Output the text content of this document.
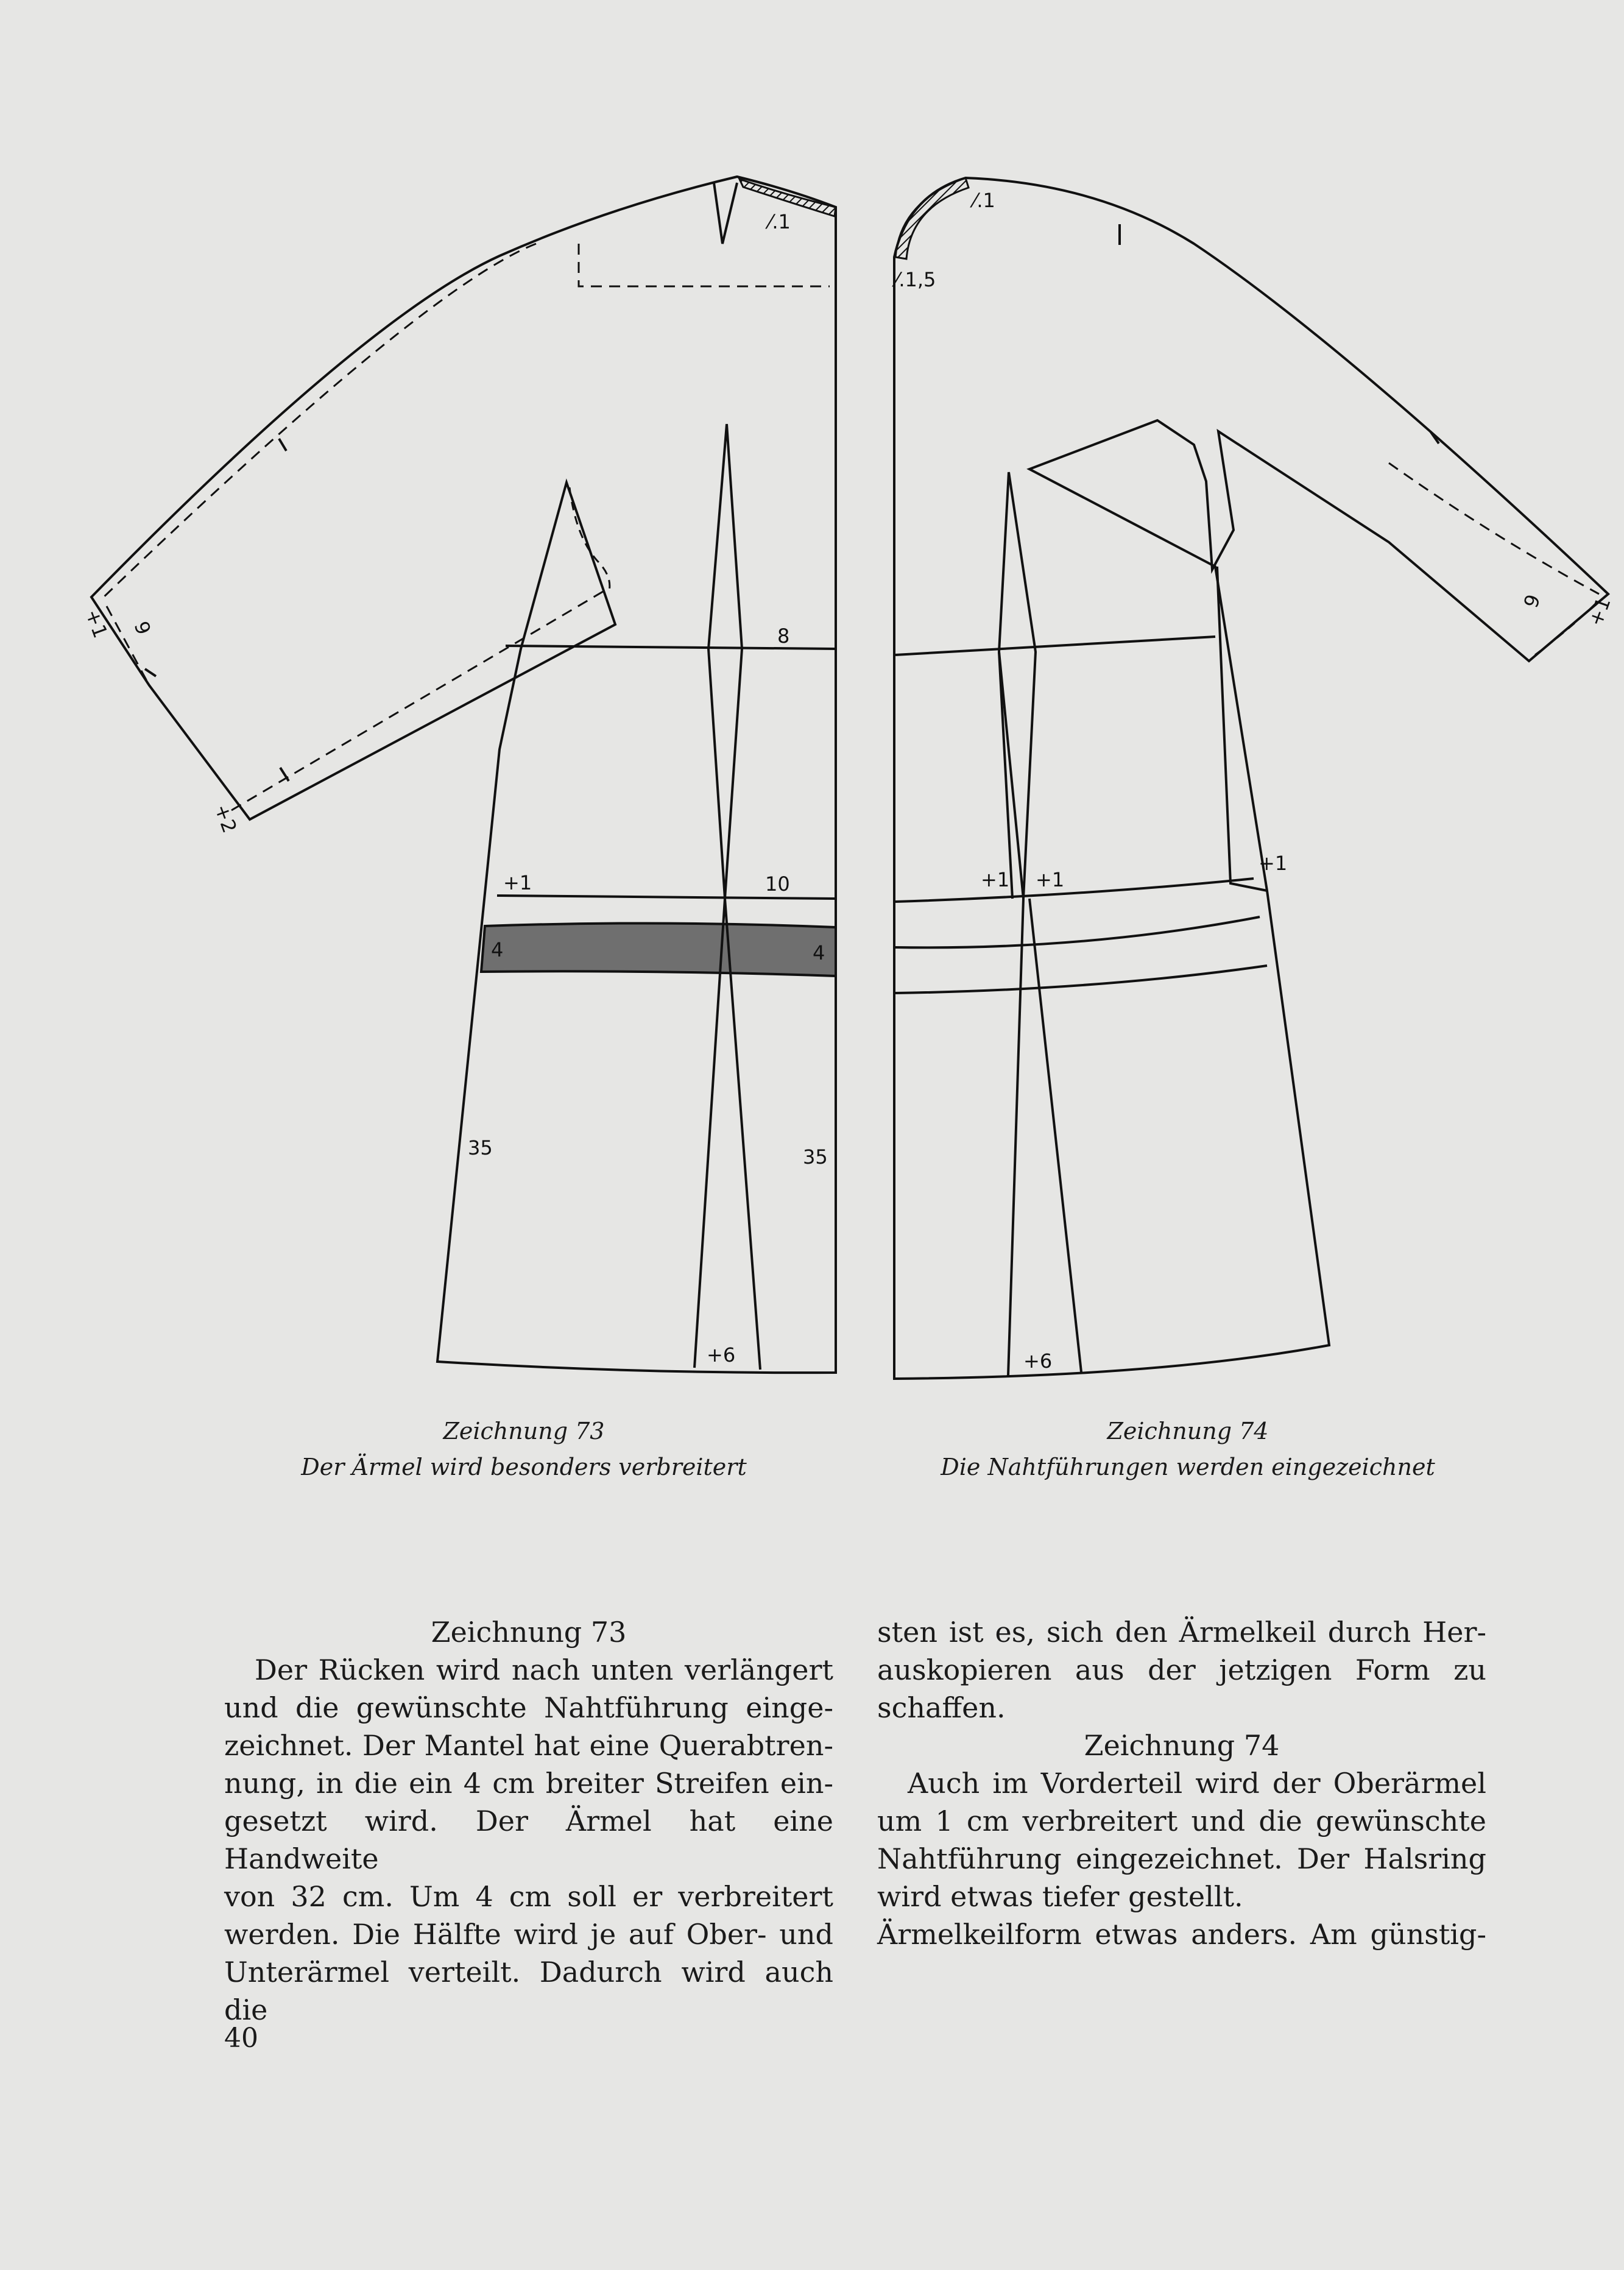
⁄.1
+1 9
+2
8
+1	10
4	4
35	35
+6
⁄.1
⁄.1,5
9 +1
+1 +1
+1
+6
Zeichnung 73
Der Ärmel wird besonders verbreitert
Zeichnung 74
Die Nahtführungen werden eingezeichnet
Zeichnung 73

Der Rücken wird nach unten verlängert

und die gewünschte Nahtführung einge-

zeichnet. Der Mantel hat eine Querabtren-

nung, in die ein 4 cm breiter Streifen ein-

gesetzt wird. Der Ärmel hat eine Handweite

von 32 cm. Um 4 cm soll er verbreitert

werden. Die Hälfte wird je auf Ober- und

Unterärmel verteilt. Dadurch wird auch die

sten ist es, sich den Ärmelkeil durch Her-

auskopieren aus der jetzigen Form zu

schaffen.

Zeichnung 74

Auch im Vorderteil wird der Oberärmel

um 1 cm verbreitert und die gewünschte

Nahtführung eingezeichnet. Der Halsring

wird etwas tiefer gestellt.

Ärmelkeilform etwas anders. Am günstig-

40
